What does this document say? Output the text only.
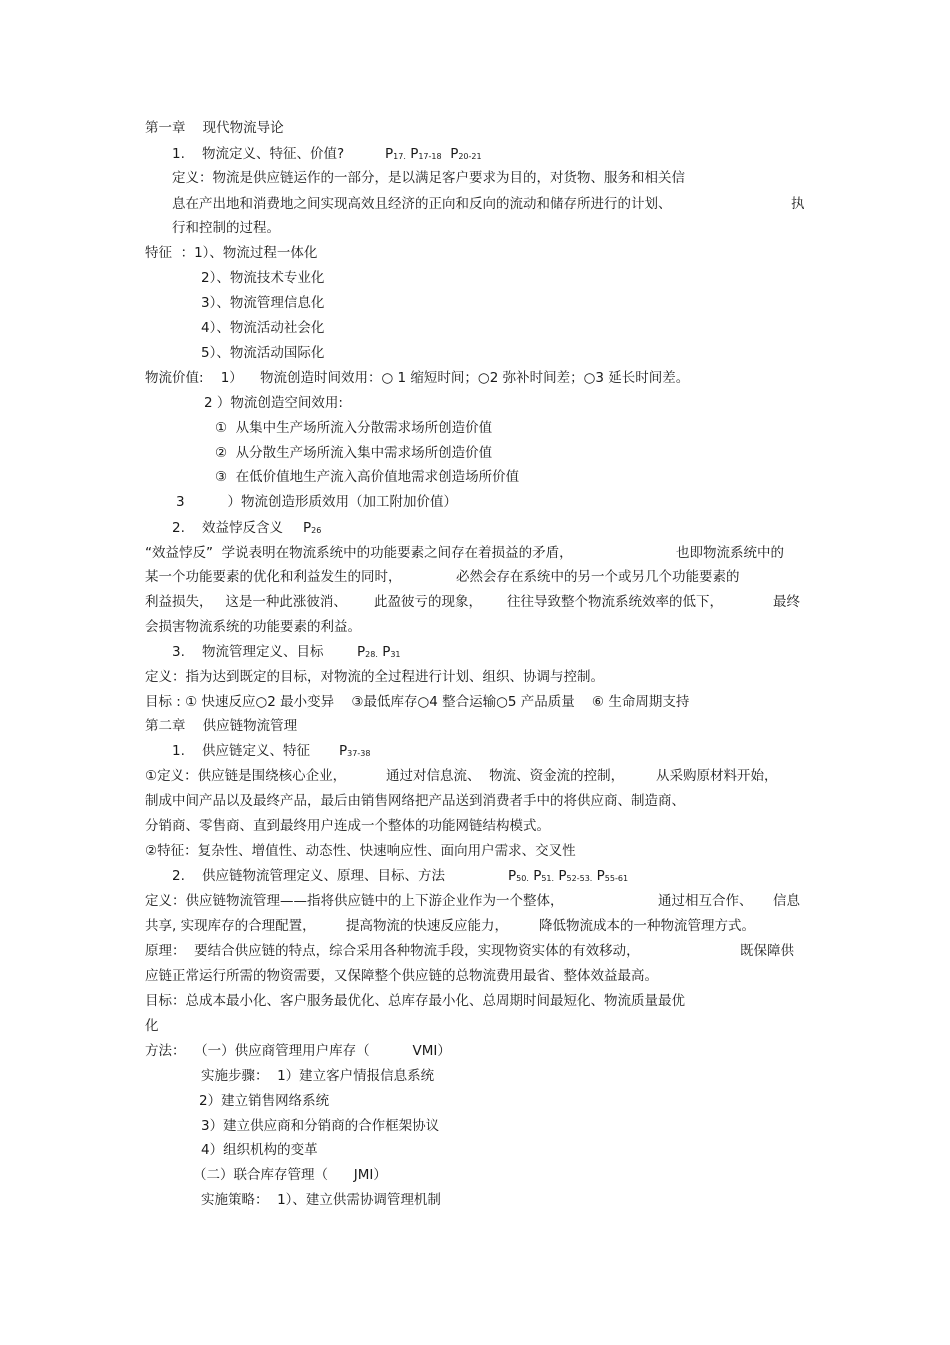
第一章    现代物流导论
1.    物流定义、特征、价值?	P17. P17-18 P20-21
定义：物流是供应链运作的一部分，是以满足客户要求为目的，对货物、服务和相关信
息在产出地和消费地之间实现高效且经济的正向和反向的流动和储存所进行的计划、	执
行和控制的过程。
特征  ：1）、物流过程一体化
2）、物流技术专业化
3）、物流管理信息化
4）、物流活动社会化
5）、物流活动国际化
物流价值:    1）    物流创造时间效用：○ 1 缩短时间；○2 弥补时间差；○3 延长时间差。
2 ）物流创造空间效用:
①  从集中生产场所流入分散需求场所创造价值
②  从分散生产场所流入集中需求场所创造价值
③  在低价值地生产流入高价值地需求创造场所价值
3          ）物流创造形质效用（加工附加价值）
2.    效益悖反含义 P26
“效益悖反”  学说表明在物流系统中的功能要素之间存在着损益的矛盾，	也即物流系统中的
某一个功能要素的优化和利益发生的同时，	必然会存在系统中的另一个或另几个功能要素的
利益损失，   这是一种此涨彼消、 此盈彼亏的现象， 往往导致整个物流系统效率的低下，	最终
会损害物流系统的功能要素的利益。
3.    物流管理定义、目标 P28. P31
定义：指为达到既定的目标，对物流的全过程进行计划、组织、协调与控制。
目标 : ① 快速反应○2 最小变异    ③最低库存○4 整合运输○5 产品质量    ⑥ 生命周期支持
第二章    供应链物流管理
1.    供应链定义、特征 P37-38
①定义：供应链是围绕核心企业，	通过对信息流、  物流、资金流的控制， 从采购原材料开始，
制成中间产品以及最终产品，最后由销售网络把产品送到消费者手中的将供应商、制造商、
分销商、零售商、直到最终用户连成一个整体的功能网链结构模式。
②特征：复杂性、增值性、动态性、快速响应性、面向用户需求、交叉性
2.    供应链物流管理定义、原理、目标、方法	P50. P51. P52-53. P55-61
定义：供应链物流管理——指将供应链中的上下游企业作为一个整体，	通过相互合作、 信息
共享, 实现库存的合理配置， 提高物流的快速反应能力， 降低物流成本的一种物流管理方式。
原理：  要结合供应链的特点，综合采用各种物流手段，实现物资实体的有效移动，	既保障供
应链正常运行所需的物资需要，又保障整个供应链的总物流费用最省、整体效益最高。
目标：总成本最小化、客户服务最优化、总库存最小化、总周期时间最短化、物流质量最优
化
方法：  （一）供应商管理用户库存（          VMI）
实施步骤：  1）建立客户情报信息系统
2）建立销售网络系统
3）建立供应商和分销商的合作框架协议
4）组织机构的变革
（二）联合库存管理（      JMI）
实施策略：  1）、建立供需协调管理机制
